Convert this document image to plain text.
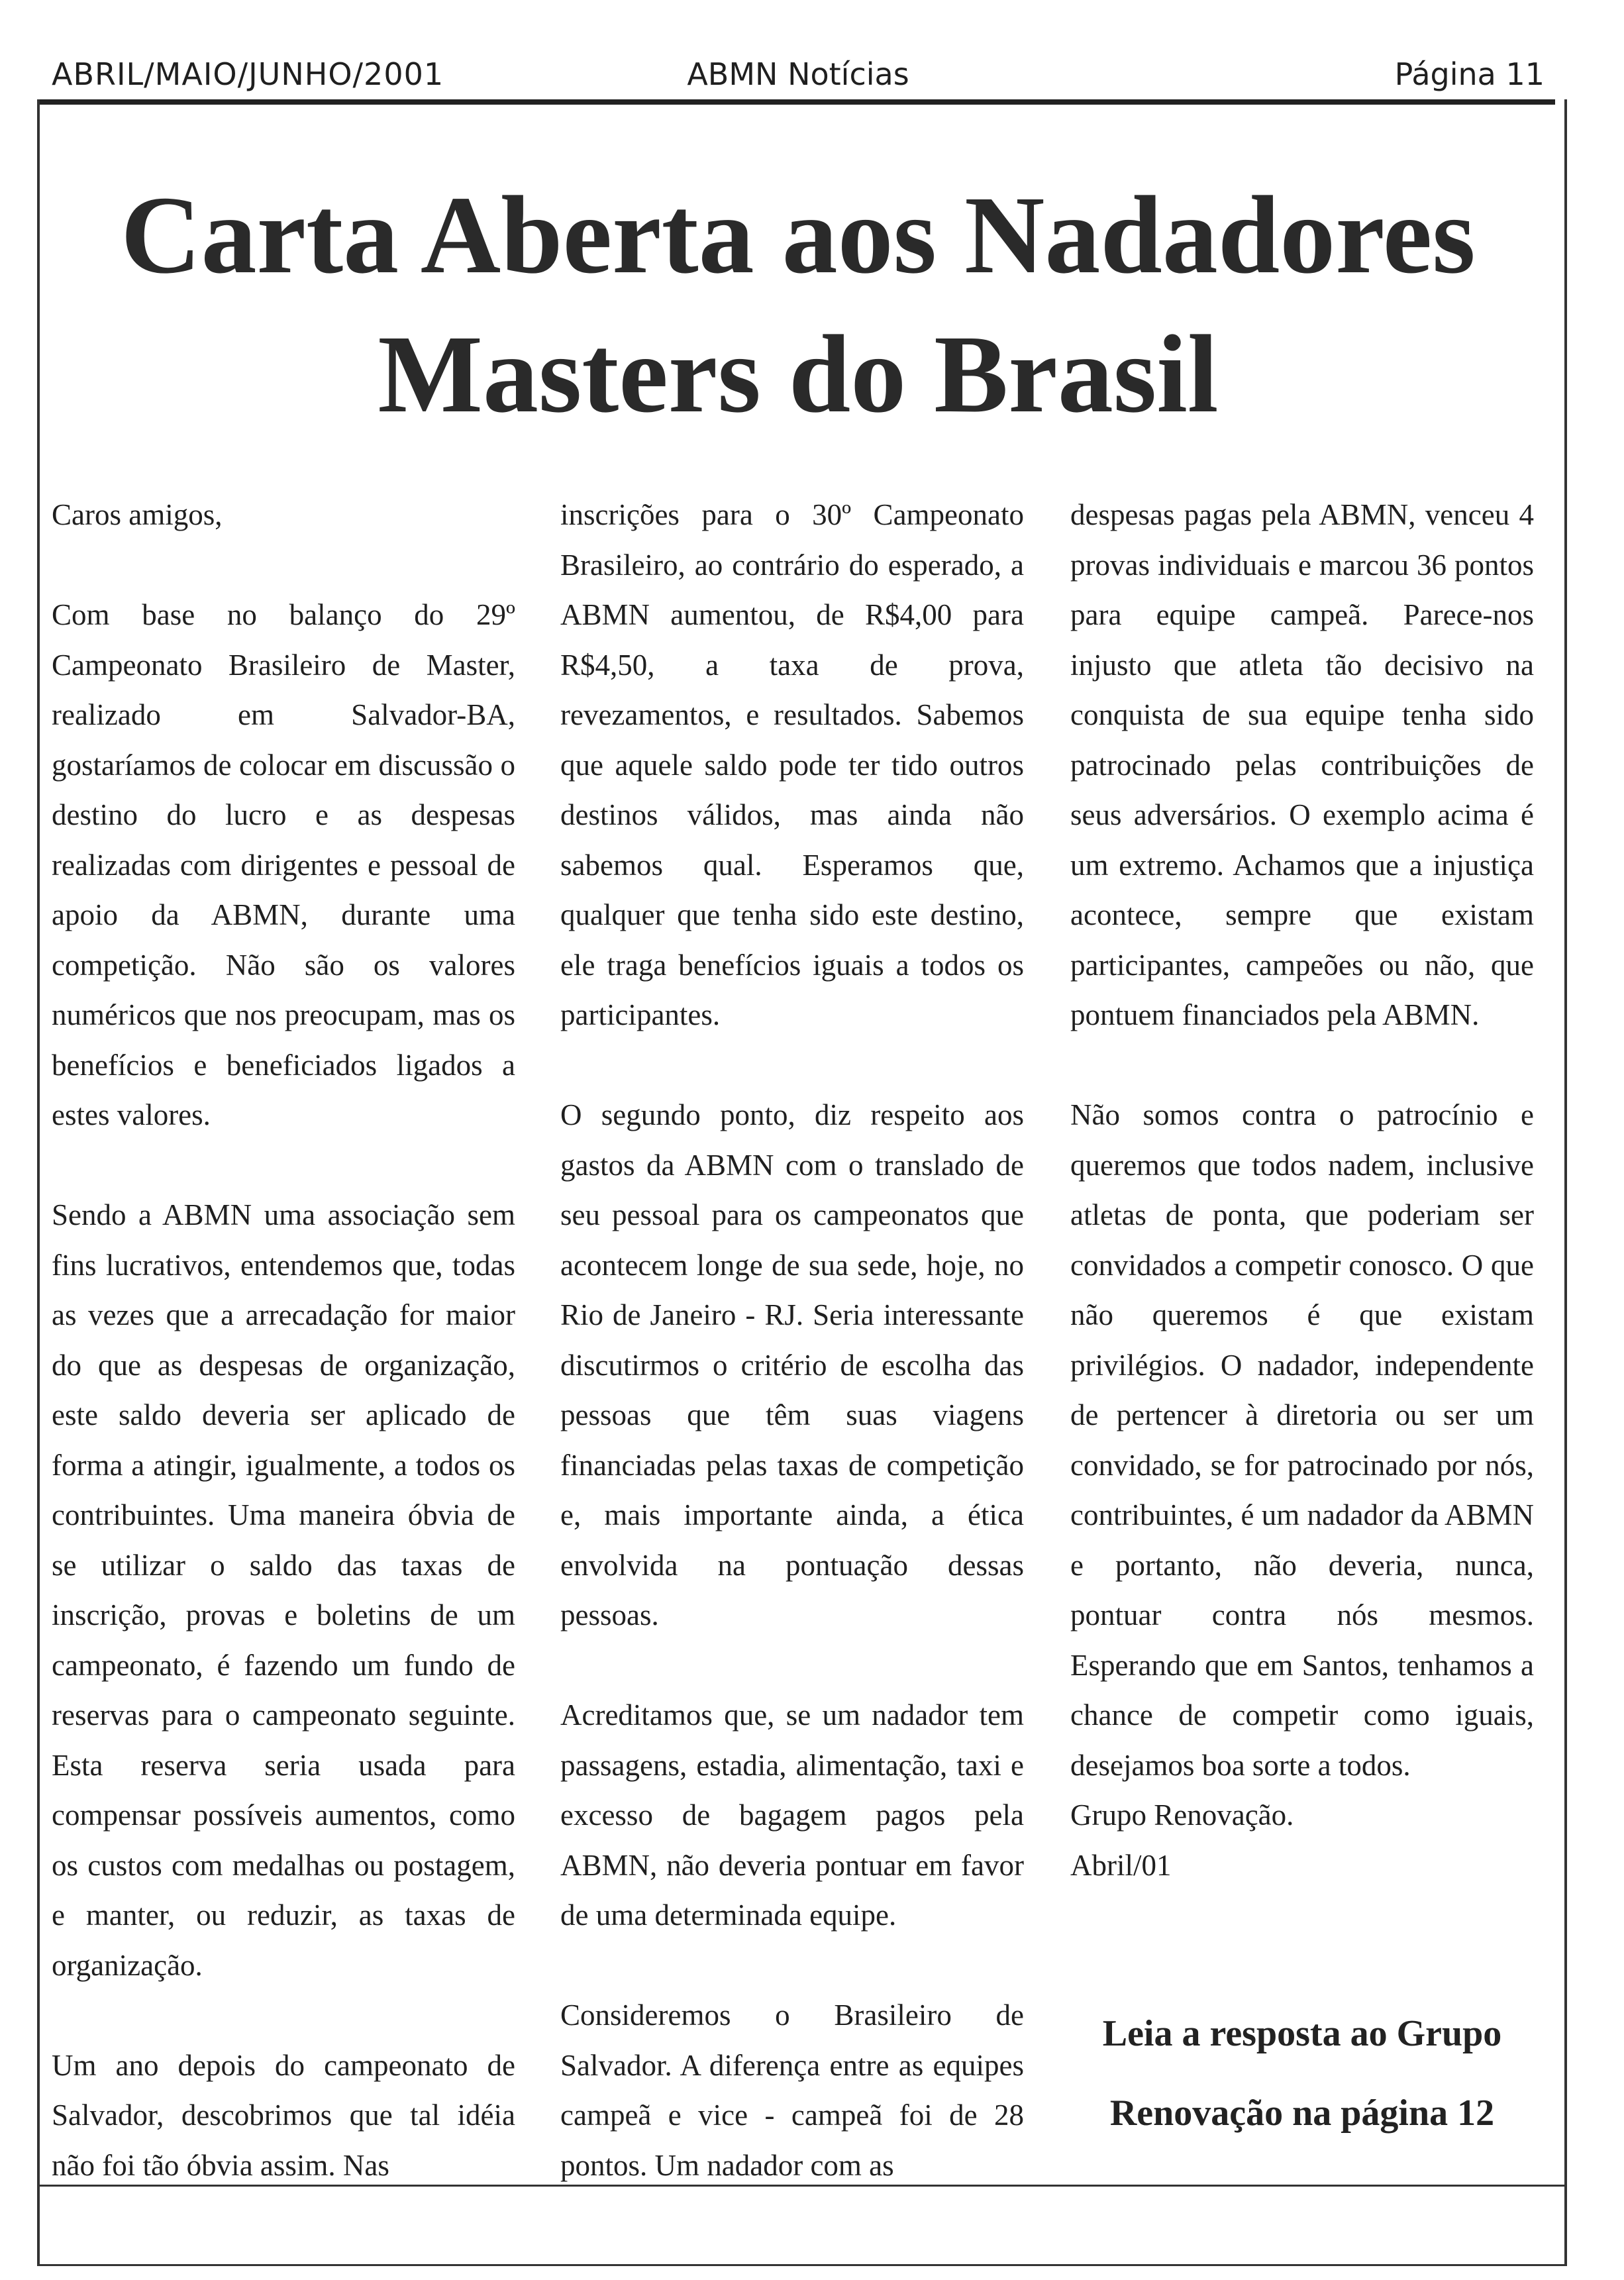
ABRIL/MAIO/JUNHO/2001	ABMN Notícias	Página 11
Carta Aberta aos Nadadores
Masters do Brasil

Caros amigos,

Com base no balanço do 29º Campeonato Brasileiro de Master, realizado em Salvador-BA, gostaríamos de colocar em discussão o destino do lucro e as despesas realizadas com dirigentes e pessoal de apoio da ABMN, durante uma competição. Não são os valores numéricos que nos preocupam, mas os benefícios e beneficiados ligados a estes valores.

Sendo a ABMN uma associação sem fins lucrativos, entendemos que, todas as vezes que a arrecadação for maior do que as despesas de organização, este saldo deveria ser aplicado de forma a atingir, igualmente, a todos os contribuintes. Uma maneira óbvia de se utilizar o saldo das taxas de inscrição, provas e boletins de um campeonato, é fazendo um fundo de reservas para o campeonato seguinte. Esta reserva seria usada para compensar possíveis aumentos, como os custos com medalhas ou postagem, e manter, ou reduzir, as taxas de organização.

Um ano depois do campeonato de Salvador, descobrimos que tal idéia não foi tão óbvia assim. Nas

inscrições para o 30º Campeonato Brasileiro, ao contrário do esperado, a ABMN aumentou, de R$4,00 para R$4,50, a taxa de prova, revezamentos, e resultados. Sabemos que aquele saldo pode ter tido outros destinos válidos, mas ainda não sabemos qual. Esperamos que, qualquer que tenha sido este destino, ele traga benefícios iguais a todos os participantes.

O segundo ponto, diz respeito aos gastos da ABMN com o translado de seu pessoal para os campeonatos que acontecem longe de sua sede, hoje, no Rio de Janeiro - RJ. Seria interessante discutirmos o critério de escolha das pessoas que têm suas viagens financiadas pelas taxas de competição e, mais importante ainda, a ética envolvida na pontuação dessas pessoas.

Acreditamos que, se um nadador tem passagens, estadia, alimentação, taxi e excesso de bagagem pagos pela ABMN, não deveria pontuar em favor de uma determinada equipe.

Consideremos o Brasileiro de Salvador. A diferença entre as equipes campeã e vice - campeã foi de 28 pontos. Um nadador com as

despesas pagas pela ABMN, venceu 4 provas individuais e marcou 36 pontos para equipe campeã. Parece-nos injusto que atleta tão decisivo na conquista de sua equipe tenha sido patrocinado pelas contribuições de seus adversários. O exemplo acima é um extremo. Achamos que a injustiça acontece, sempre que existam participantes, campeões ou não, que pontuem financiados pela ABMN.

Não somos contra o patrocínio e queremos que todos nadem, inclusive atletas de ponta, que poderiam ser convidados a competir conosco. O que não queremos é que existam privilégios. O nadador, independente de pertencer à diretoria ou ser um convidado, se for patrocinado por nós, contribuintes, é um nadador da ABMN e portanto, não deveria, nunca, pontuar contra nós mesmos. Esperando que em Santos, tenhamos a chance de competir como iguais, desejamos boa sorte a todos.

Grupo Renovação.
Abril/01
Leia a resposta ao Grupo
Renovação na página 12
